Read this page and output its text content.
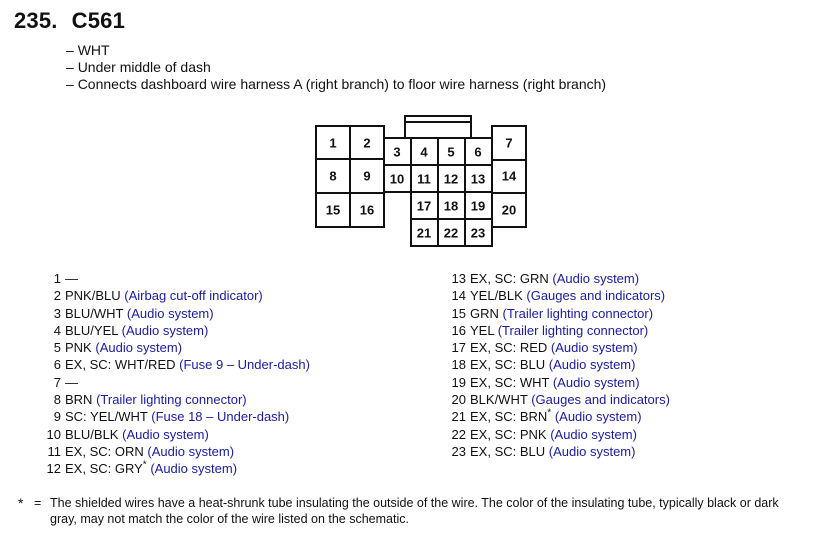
235. C561
– WHT
– Under middle of dash
– Connects dashboard wire harness A (right branch) to floor wire harness (right branch)
1 2
3 4 5 6
7
8 9 10 11 12 13 14
15 16	17 18 19 20
21 22 23
1 —
2 PNK/BLU (Airbag cut-off indicator)
3 BLU/WHT (Audio system)
4 BLU/YEL (Audio system)
5 PNK (Audio system)
6 EX, SC: WHT/RED (Fuse 9 – Under-dash)
7 —
8 BRN (Trailer lighting connector)
9 SC: YEL/WHT (Fuse 18 – Under-dash)
10 BLU/BLK (Audio system)
11 EX, SC: ORN (Audio system)
12 EX, SC: GRY* (Audio system)
13 EX, SC: GRN (Audio system)
14 YEL/BLK (Gauges and indicators)
15 GRN (Trailer lighting connector)
16 YEL (Trailer lighting connector)
17 EX, SC: RED (Audio system)
18 EX, SC: BLU (Audio system)
19 EX, SC: WHT (Audio system)
20 BLK/WHT (Gauges and indicators)
21 EX, SC: BRN* (Audio system)
22 EX, SC: PNK (Audio system)
23 EX, SC: BLU (Audio system)
* = The shielded wires have a heat-shrunk tube insulating the outside of the wire. The color of the insulating tube, typically black or dark gray, may not match the color of the wire listed on the schematic.
